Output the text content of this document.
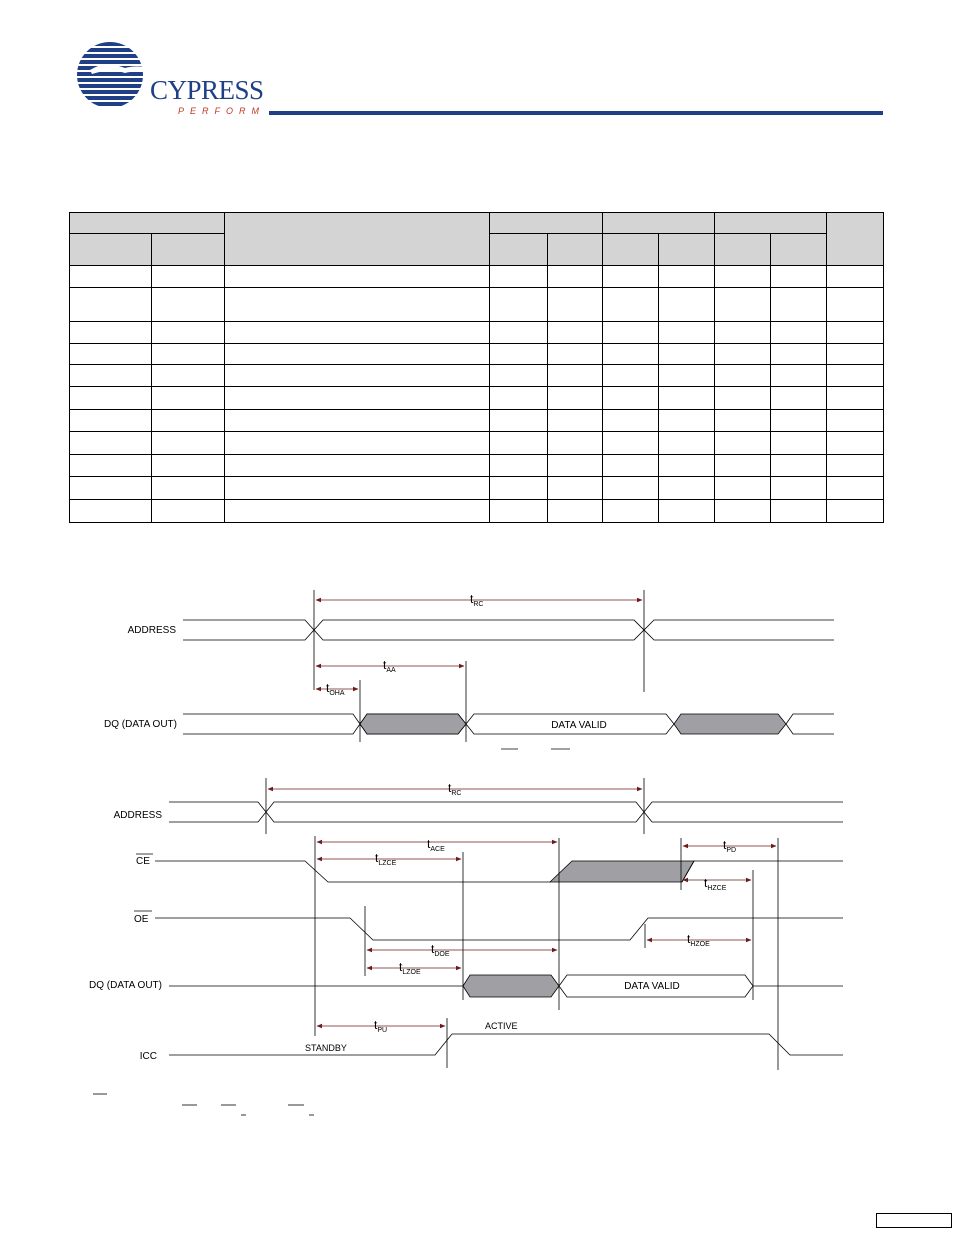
CYPRESS
PERFORM

ADDRESS
DQ (DATA OUT)	DATA VALID
$t_{RC}$
$t_{AA}$
$t_{OHA}$
ADDRESS
CE
OE
DQ (DATA OUT)
ICC
DATA VALID
STANDBY
ACTIVE
$t_{RC}$
$t_{ACE}$
$t_{LZCE}$
$t_{PD}$
$t_{HZCE}$
$t_{DOE}$
$t_{HZOE}$
$t_{LZOE}$
$t_{PU}$
